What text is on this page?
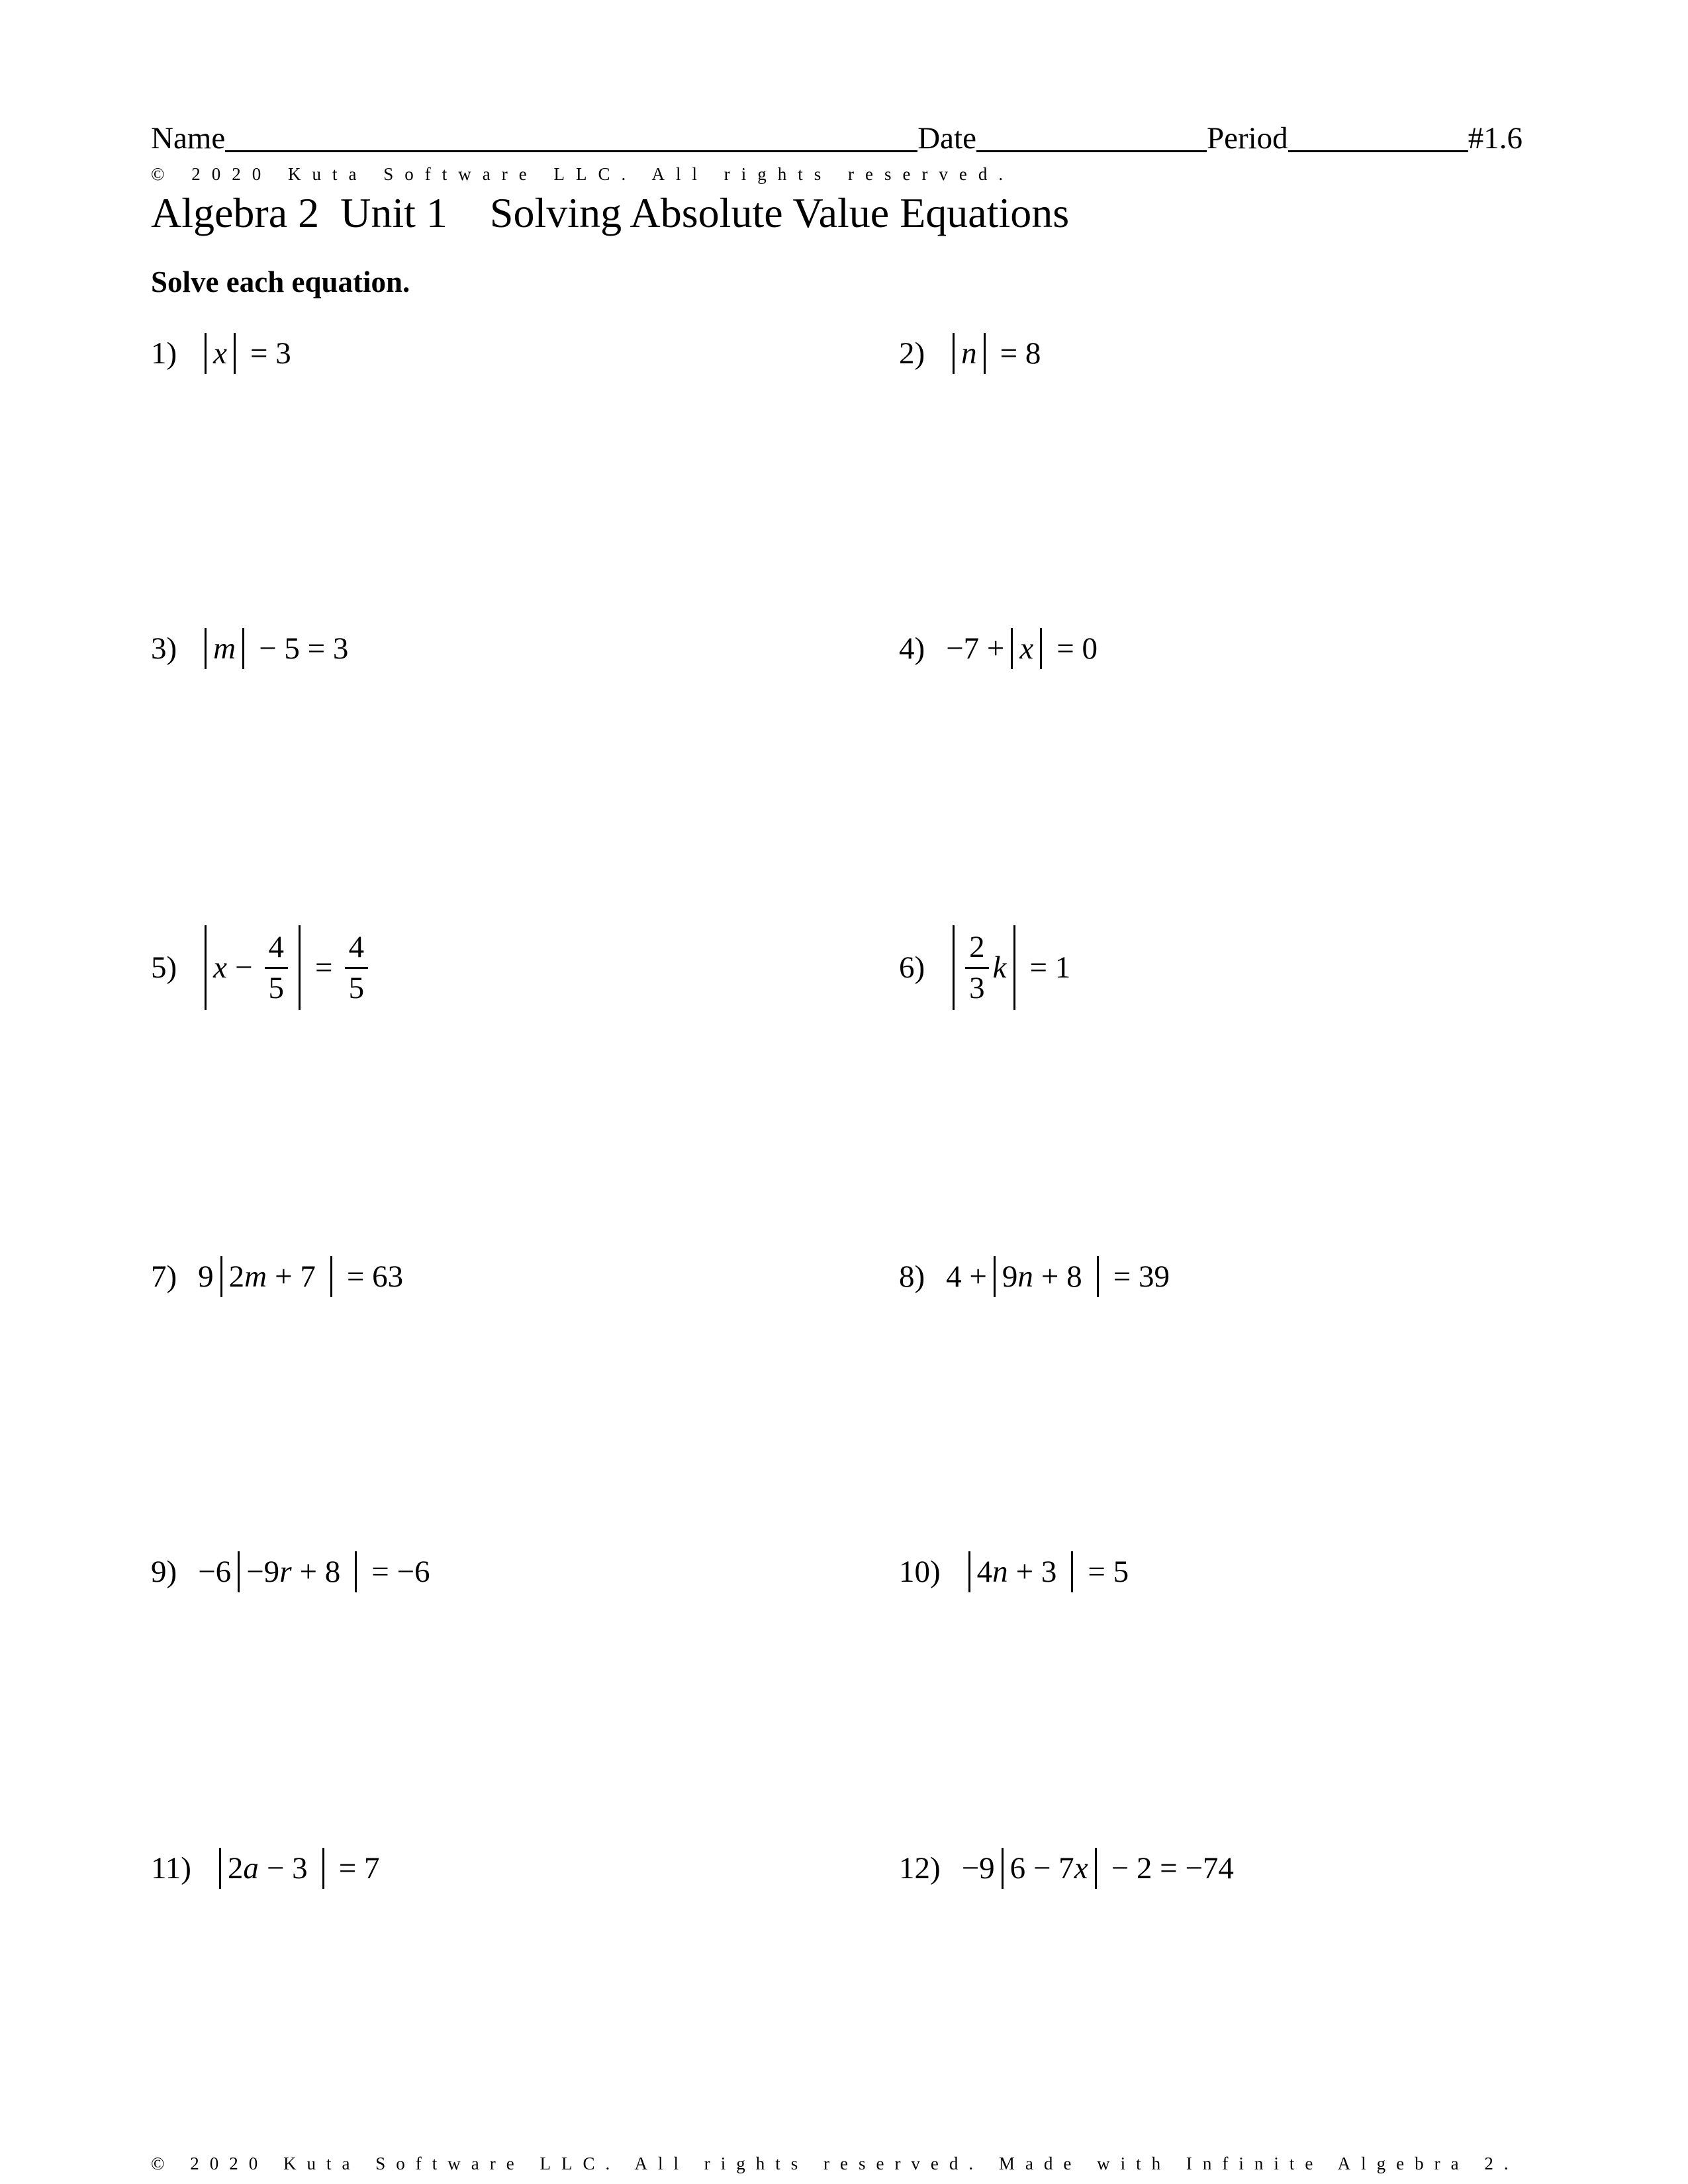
Name	Date	Period	#1.6
© 2020 Kuta Software LLC. All rights reserved.
Algebra 2  Unit 1    Solving Absolute Value Equations
Solve each equation.
1) x = 3	2) n = 8
3) m − 5 = 3	4) −7 + x = 0
5) $x - \frac{4}{5} = \frac{4}{5}$	$6) \frac{2}{3}$ k = 1
7) 9 2 m + 7 = 63	8) 4 + 9 n + 8 = 39
9) −6 −9 r + 8 = −6	10) 4 n + 3 = 5
11) 2 a − 3 = 7	12) −9 6 − 7 x − 2 = −74
© 2020 Kuta Software LLC. All rights reserved. Made with Infinite Algebra 2.
